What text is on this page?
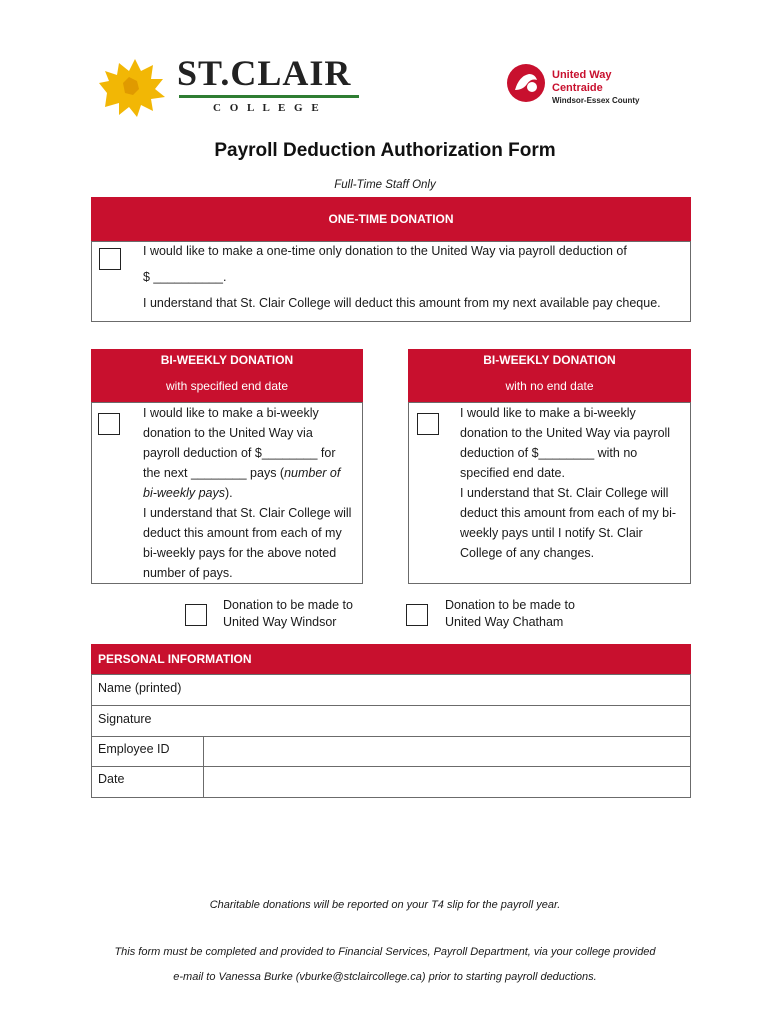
ST.CLAIR
C O L L E G E
United Way
Centraide
Windsor-Essex County
Payroll Deduction Authorization Form
Full-Time Staff Only
ONE-TIME DONATION
I would like to make a one-time only donation to the United Way via payroll deduction of
$ __________.
I understand that St. Clair College will deduct this amount from my next available pay cheque.
BI-WEEKLY DONATION
with specified end date
I would like to make a bi-weekly
donation to the United Way via
payroll deduction of $________ for
the next ________ pays (number of
bi-weekly pays).
I understand that St. Clair College will
deduct this amount from each of my
bi-weekly pays for the above noted
number of pays.
BI-WEEKLY DONATION
with no end date
I would like to make a bi-weekly
donation to the United Way via payroll
deduction of $________ with no
specified end date.
I understand that St. Clair College will
deduct this amount from each of my bi-
weekly pays until I notify St. Clair
College of any changes.
Donation to be made to
United Way Windsor
Donation to be made to
United Way Chatham
PERSONAL INFORMATION
Name (printed)
Signature
Employee ID
Date
Charitable donations will be reported on your T4 slip for the payroll year.
This form must be completed and provided to Financial Services, Payroll Department, via your college provided
e-mail to Vanessa Burke (vburke@stclaircollege.ca) prior to starting payroll deductions.
